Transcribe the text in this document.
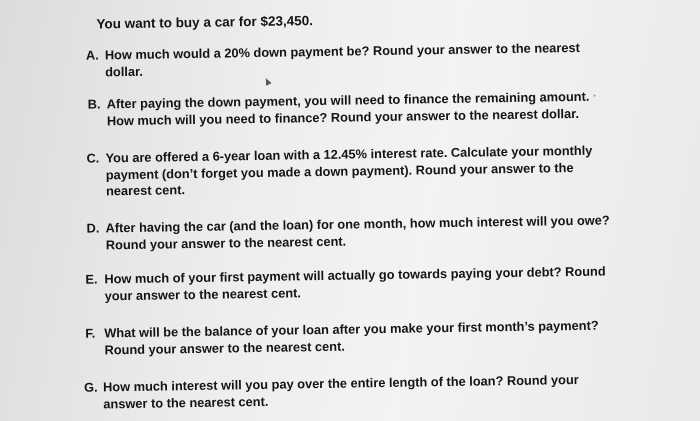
You want to buy a car for $23,450.
A. How much would a 20% down payment be? Round your answer to the nearest
dollar.
B. After paying the down payment, you will need to finance the remaining amount.
How much will you need to finance? Round your answer to the nearest dollar.
C. You are offered a 6-year loan with a 12.45% interest rate. Calculate your monthly
payment (don’t forget you made a down payment). Round your answer to the
nearest cent.
D. After having the car (and the loan) for one month, how much interest will you owe?
Round your answer to the nearest cent.
E. How much of your first payment will actually go towards paying your debt? Round
your answer to the nearest cent.
F. What will be the balance of your loan after you make your first month’s payment?
Round your answer to the nearest cent.
G. How much interest will you pay over the entire length of the loan? Round your
answer to the nearest cent.
